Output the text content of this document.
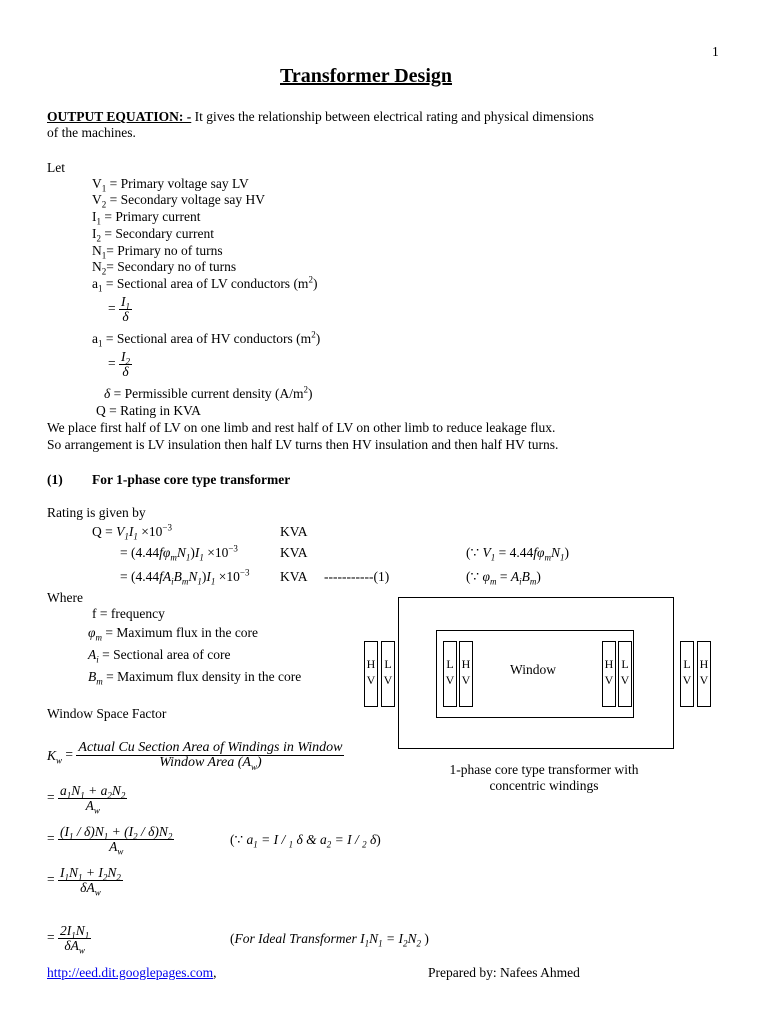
1
Transformer Design
OUTPUT EQUATION: - It gives the relationship between electrical rating and physical dimensions
of the machines.
Let
$V_1$ = Primary voltage say LV
$V_2$ = Secondary voltage say HV
$I_1$ = Primary current
$I_2$ = Secondary current
$N_1=$ Primary no of turns
$N_2=$ Secondary no of turns
$a_1$ = Sectional area of LV conductors $(m^2)$
= $\frac{I_1}{\delta}$
$a_1$ = Sectional area of HV conductors $(m^2)$
= $\frac{I_2}{\delta}$
δ = Permissible current density $(A/m^2)$
Q = Rating in KVA
We place first half of LV on one limb and rest half of LV on other limb to reduce leakage flux.
So arrangement is LV insulation then half LV turns then HV insulation and then half HV turns.
(1) For 1-phase core type transformer
Rating is given by
$Q = V_1I_1 \times 10^{-3}$	KVA
= $(4.44f\varphi_mN_1)I_1 \times 10^{-3}$	KVA	(∵ $V_1 = 4.44f\varphi_mN_1$)
= $(4.44fA_iB_mN_1)I_1 \times 10^{-3}$ KVA -----------(1)	(∵ $\varphi_m = A_iB_m$)
Where
f = frequency
$\varphi_m$ = Maximum flux in the core
$A_i$ = Sectional area of core
$B_m$ = Maximum flux density in the core
Window Space Factor
$K_w = \frac{\text{Actual Cu Section Area of Windings in Window}}{Window Area (A_w)}$
= $\frac{a_1N_1 + a_2N_2}{A_w}$
= $\frac{(I_1 / \delta)N_1 + (I_2 / \delta)N_2}{A_w}$	(∵ $a_1 = I / _1$ δ & $a_2 = I / _2$ δ)
= $\frac{I_1N_1 + I_2N_2}{\delta A_w}$
= $\frac{2I_1N_1}{\delta A_w}$	(For Ideal Transformer $I_1N_1 = I_2N_2$ )
Window
H
V
L
V
L
V
H
V
H
V
L
V
L
V
H
V
1-phase core type transformer with
concentric windings
http://eed.dit.googlepages.com,	Prepared by: Nafees Ahmed
